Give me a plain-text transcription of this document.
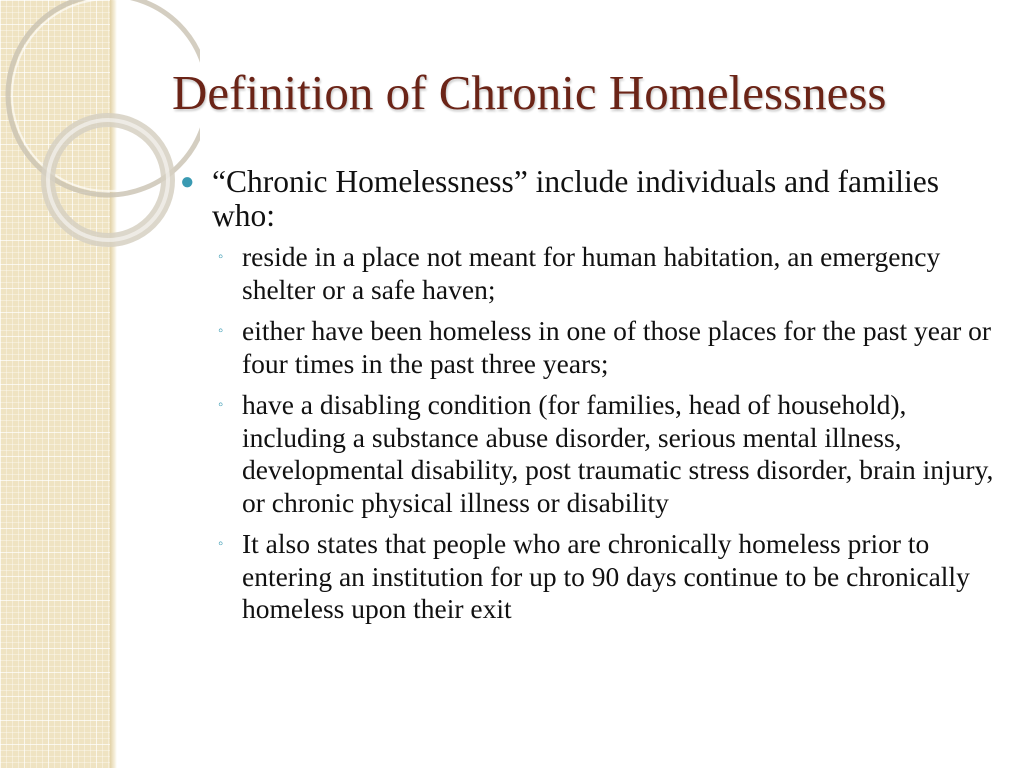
Definition of Chronic Homelessness
● “Chronic Homelessness” include individuals and families who:
◦ reside in a place not meant for human habitation, an emergency shelter or a safe haven;
◦ either have been homeless in one of those places for the past year or four times in the past three years;
◦ have a disabling condition (for families, head of household), including a substance abuse disorder, serious mental illness, developmental disability, post traumatic stress disorder, brain injury, or chronic physical illness or disability
◦ It also states that people who are chronically homeless prior to entering an institution for up to 90 days continue to be chronically homeless upon their exit
